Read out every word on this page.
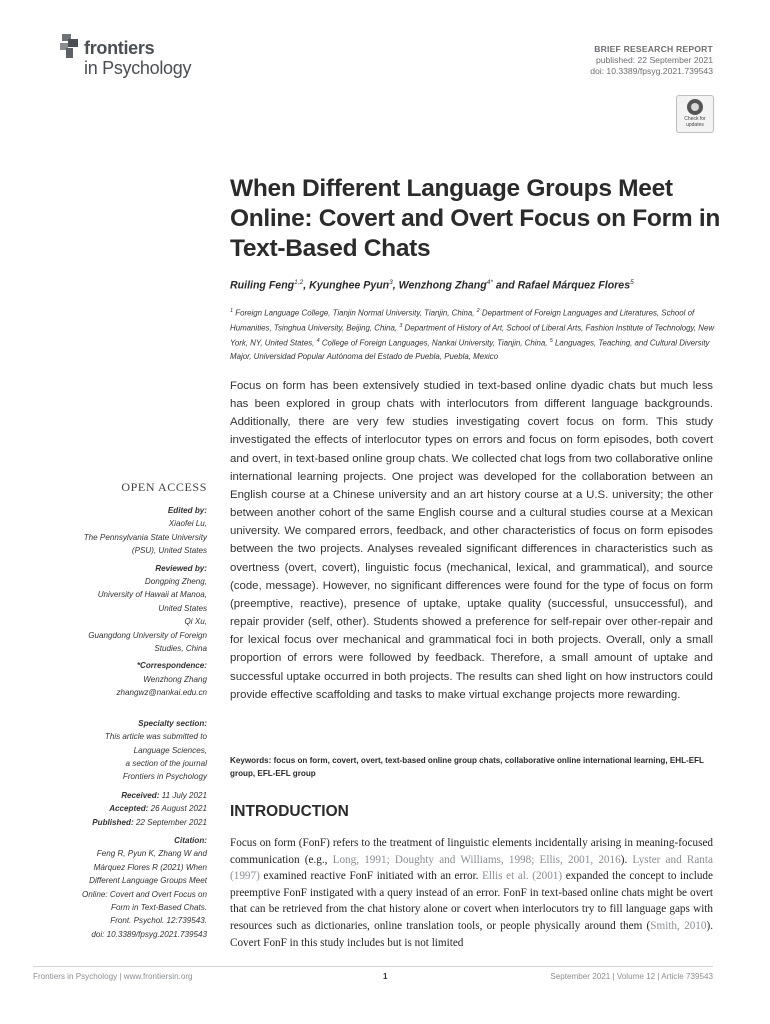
frontiers
in Psychology
BRIEF RESEARCH REPORT
published: 22 September 2021
doi: 10.3389/fpsyg.2021.739543
Check for
updates
When Different Language Groups Meet Online: Covert and Overt Focus on Form in Text-Based Chats
Ruiling Feng$^{1,2}$, Kyunghee Pyun$^3$, Wenzhong Zhang$^{4*}$ and Rafael Márquez Flores$^5$
$^1$ Foreign Language College, Tianjin Normal University, Tianjin, China, $^2$ Department of Foreign Languages and Literatures, School of Humanities, Tsinghua University, Beijing, China, $^3$ Department of History of Art, School of Liberal Arts, Fashion Institute of Technology, New York, NY, United States, $^4$ College of Foreign Languages, Nankai University, Tianjin, China, $^5$ Languages, Teaching, and Cultural Diversity Major, Universidad Popular Autónoma del Estado de Puebla, Puebla, Mexico
OPEN ACCESS
Edited by:
Xiaofei Lu,
The Pennsylvania State University
(PSU), United States
Reviewed by:
Dongping Zheng,
University of Hawaii at Manoa,
United States
Qi Xu,
Guangdong University of Foreign
Studies, China
*Correspondence:
Wenzhong Zhang
zhangwz@nankai.edu.cn
Specialty section:
This article was submitted to
Language Sciences,
a section of the journal
Frontiers in Psychology
Received: 11 July 2021
Accepted: 26 August 2021
Published: 22 September 2021
Citation:
Feng R, Pyun K, Zhang W and
Márquez Flores R (2021) When
Different Language Groups Meet
Online: Covert and Overt Focus on
Form in Text-Based Chats.
Front. Psychol. 12:739543.
doi: 10.3389/fpsyg.2021.739543
Focus on form has been extensively studied in text-based online dyadic chats but much less has been explored in group chats with interlocutors from different language backgrounds. Additionally, there are very few studies investigating covert focus on form. This study investigated the effects of interlocutor types on errors and focus on form episodes, both covert and overt, in text-based online group chats. We collected chat logs from two collaborative online international learning projects. One project was developed for the collaboration between an English course at a Chinese university and an art history course at a U.S. university; the other between another cohort of the same English course and a cultural studies course at a Mexican university. We compared errors, feedback, and other characteristics of focus on form episodes between the two projects. Analyses revealed significant differences in characteristics such as overtness (overt, covert), linguistic focus (mechanical, lexical, and grammatical), and source (code, message). However, no significant differences were found for the type of focus on form (preemptive, reactive), presence of uptake, uptake quality (successful, unsuccessful), and repair provider (self, other). Students showed a preference for self-repair over other-repair and for lexical focus over mechanical and grammatical foci in both projects. Overall, only a small proportion of errors were followed by feedback. Therefore, a small amount of uptake and successful uptake occurred in both projects. The results can shed light on how instructors could provide effective scaffolding and tasks to make virtual exchange projects more rewarding.
Keywords: focus on form, covert, overt, text-based online group chats, collaborative online international learning, EHL-EFL group, EFL-EFL group
INTRODUCTION
Focus on form (FonF) refers to the treatment of linguistic elements incidentally arising in meaning-focused communication (e.g., Long, 1991; Doughty and Williams, 1998; Ellis, 2001, 2016). Lyster and Ranta (1997) examined reactive FonF initiated with an error. Ellis et al. (2001) expanded the concept to include preemptive FonF instigated with a query instead of an error. FonF in text-based online chats might be overt that can be retrieved from the chat history alone or covert when interlocutors try to fill language gaps with resources such as dictionaries, online translation tools, or people physically around them (Smith, 2010). Covert FonF in this study includes but is not limited
Frontiers in Psychology | www.frontiersin.org	1	September 2021 | Volume 12 | Article 739543
